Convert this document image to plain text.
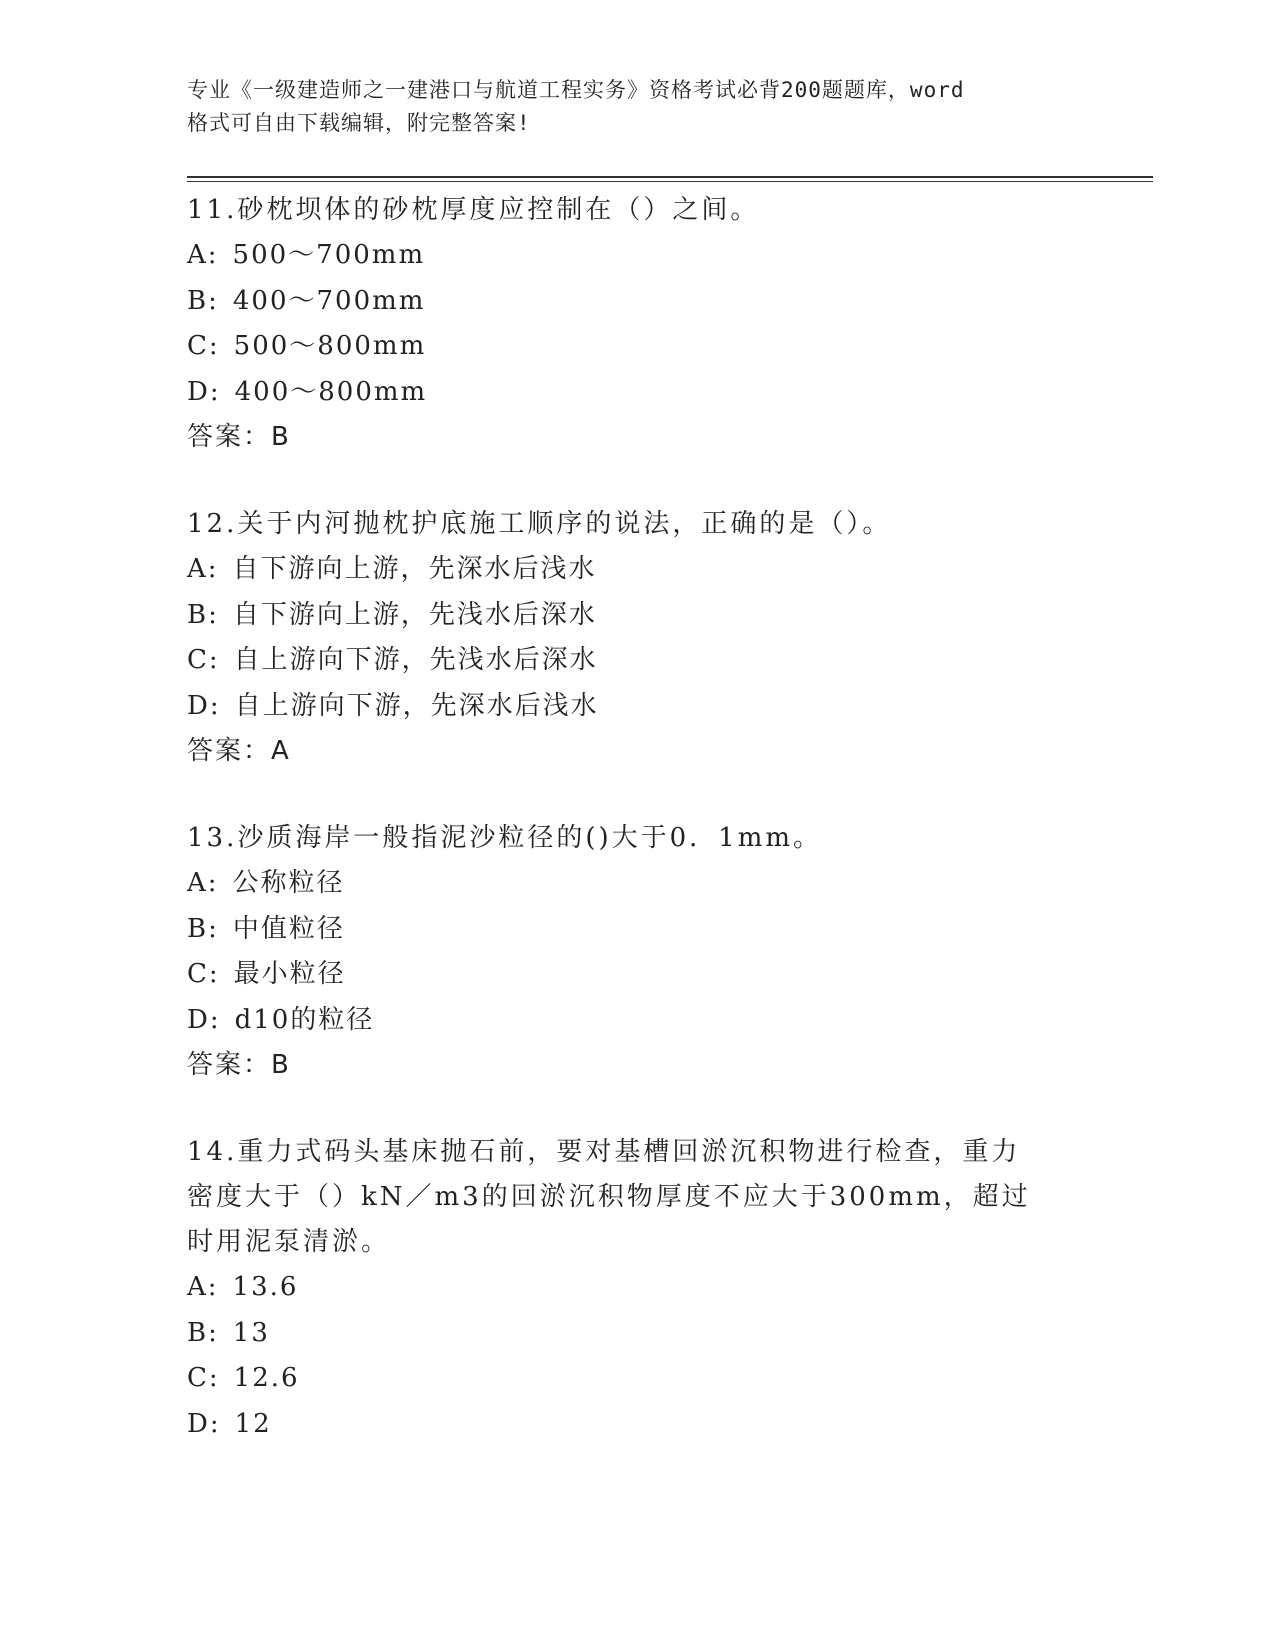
专业《一级建造师之一建港口与航道工程实务》资格考试必背200题题库，word
格式可自由下载编辑，附完整答案!

11.砂枕坝体的砂枕厚度应控制在（）之间。

A: 500～700mm
B: 400～700mm
C: 500～800mm
D: 400～800mm
答案：B

12.关于内河抛枕护底施工顺序的说法，正确的是（）。

A: 自下游向上游，先深水后浅水
B: 自下游向上游，先浅水后深水
C: 自上游向下游，先浅水后深水
D: 自上游向下游，先深水后浅水
答案：A

13.沙质海岸一般指泥沙粒径的()大于0．1mm。

A: 公称粒径
B: 中值粒径
C: 最小粒径
D: d10的粒径
答案：B

14.重力式码头基床抛石前，要对基槽回淤沉积物进行检查，重力密度大于（）kN／m3的回淤沉积物厚度不应大于300mm，超过时用泥泵清淤。

A: 13.6
B: 13
C: 12.6
D: 12
